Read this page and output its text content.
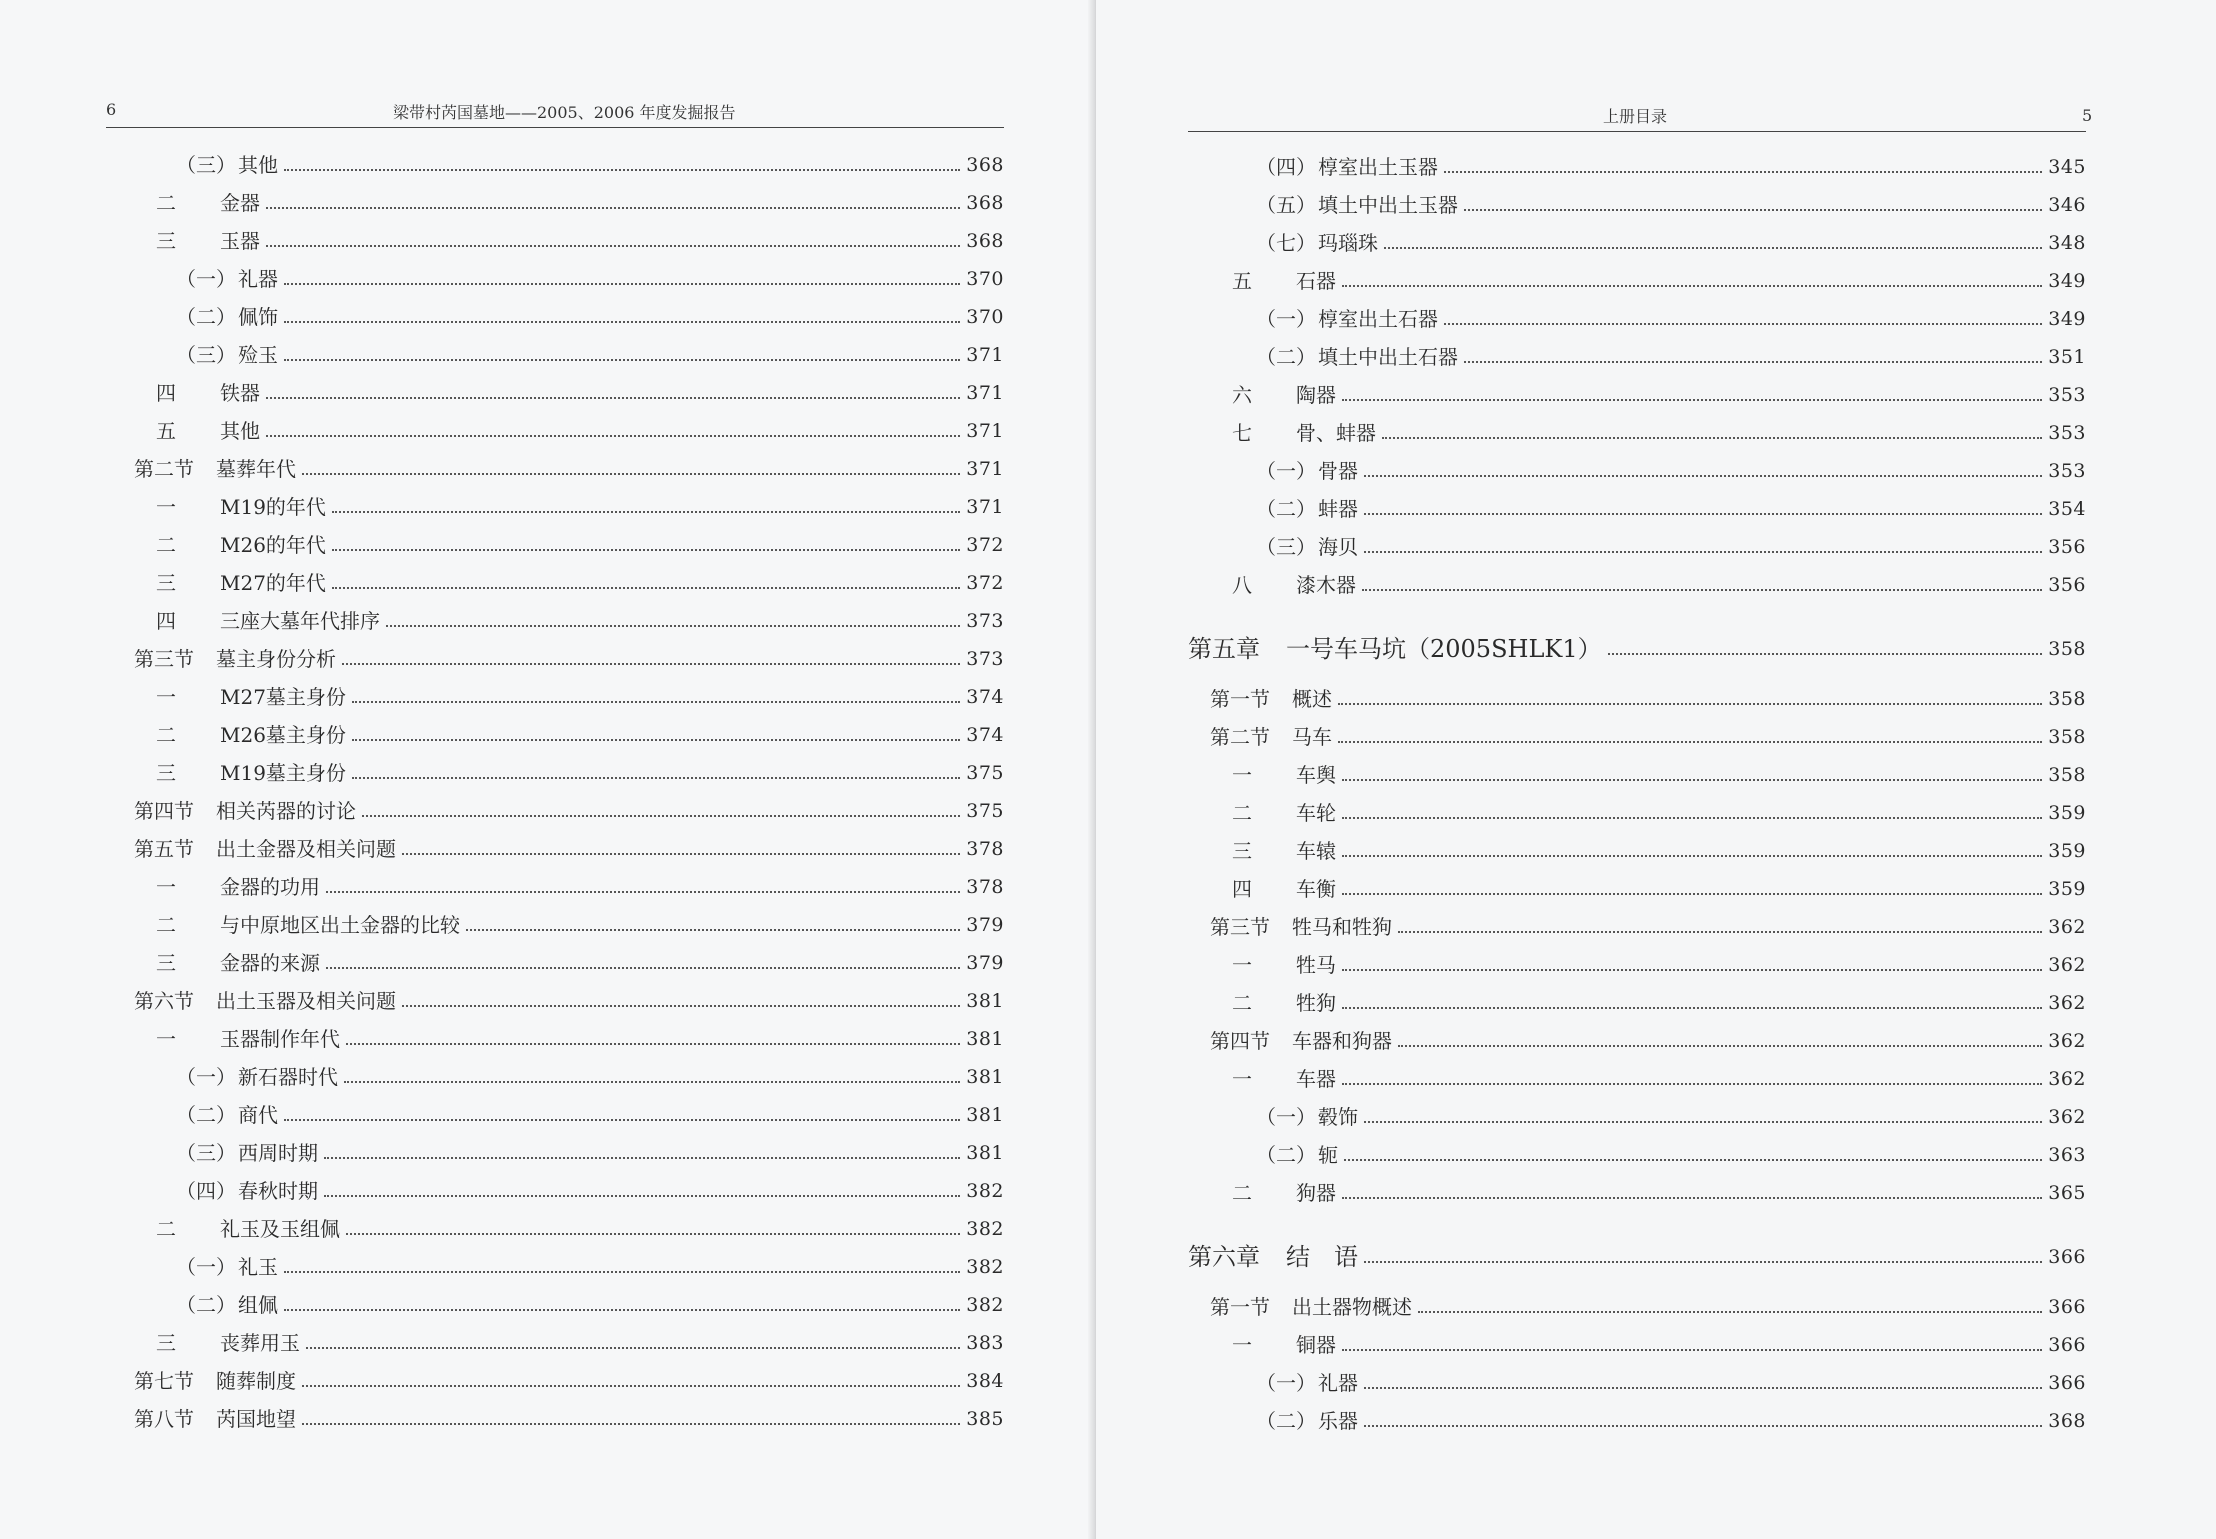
6	梁带村芮国墓地——2005、2006 年度发掘报告
（三） 其他	368
二 金器	368
三 玉器	368
（一） 礼器	370
（二） 佩饰	370
（三） 殓玉	371
四 铁器	371
五 其他	371
第二节 墓葬年代	371
一 M19的年代	371
二 M26的年代	372
三 M27的年代	372
四 三座大墓年代排序	373
第三节 墓主身份分析	373
一 M27墓主身份	374
二 M26墓主身份	374
三 M19墓主身份	375
第四节 相关芮器的讨论	375
第五节 出土金器及相关问题	378
一 金器的功用	378
二 与中原地区出土金器的比较	379
三 金器的来源	379
第六节 出土玉器及相关问题	381
一 玉器制作年代	381
（一） 新石器时代	381
（二） 商代	381
（三） 西周时期	381
（四） 春秋时期	382
二 礼玉及玉组佩	382
（一） 礼玉	382
（二） 组佩	382
三 丧葬用玉	383
第七节 随葬制度	384
第八节 芮国地望	385
上册目录	5
（四） 椁室出土玉器	345
（五） 填土中出土玉器	346
（七） 玛瑙珠	348
五 石器	349
（一） 椁室出土石器	349
（二） 填土中出土石器	351
六 陶器	353
七 骨、蚌器	353
（一） 骨器	353
（二） 蚌器	354
（三） 海贝	356
八 漆木器	356
第五章 一号车马坑（2005SHLK1）	358
第一节 概述	358
第二节 马车	358
一 车舆	358
二 车轮	359
三 车辕	359
四 车衡	359
第三节 牲马和牲狗	362
一 牲马	362
二 牲狗	362
第四节 车器和狗器	362
一 车器	362
（一） 毂饰	362
（二） 轭	363
二 狗器	365
第六章 结　语	366
第一节 出土器物概述	366
一 铜器	366
（一） 礼器	366
（二） 乐器	368
